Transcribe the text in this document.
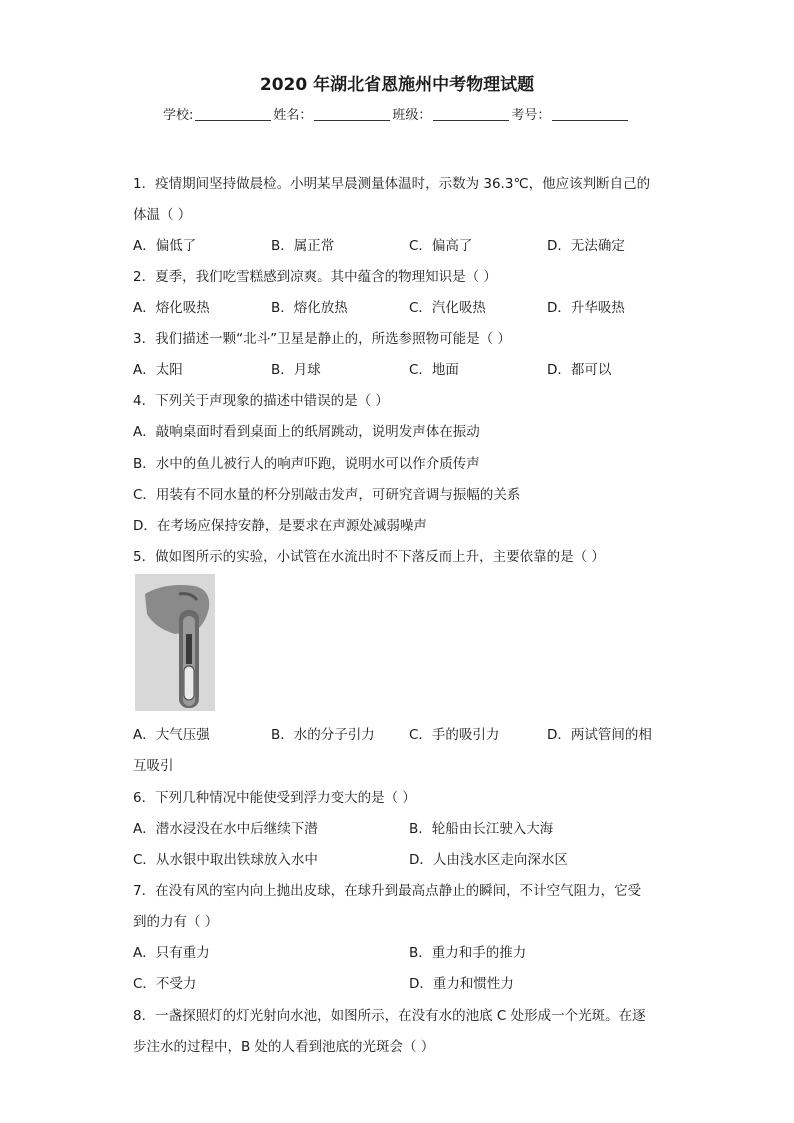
2020 年湖北省恩施州中考物理试题
学校:	姓名：	班级：	考号：
1．疫情期间坚持做晨检。小明某早晨测量体温时，示数为 36.3℃，他应该判断自己的
体温（ ）
A．偏低了	B．属正常	C．偏高了	D．无法确定
2．夏季，我们吃雪糕感到凉爽。其中蕴含的物理知识是（ ）
A．熔化吸热	B．熔化放热	C．汽化吸热	D．升华吸热
3．我们描述一颗“北斗”卫星是静止的，所选参照物可能是（ ）
A．太阳	B．月球	C．地面	D．都可以
4．下列关于声现象的描述中错误的是（ ）
A．敲响桌面时看到桌面上的纸屑跳动，说明发声体在振动
B．水中的鱼儿被行人的响声吓跑，说明水可以作介质传声
C．用装有不同水量的杯分别敲击发声，可研究音调与振幅的关系
D．在考场应保持安静，是要求在声源处减弱噪声
5．做如图所示的实验，小试管在水流出时不下落反而上升，主要依靠的是（ ）
A．大气压强	B．水的分子引力	C．手的吸引力	D．两试管间的相
互吸引
6．下列几种情况中能使受到浮力变大的是（ ）
A．潜水浸没在水中后继续下潜	B．轮船由长江驶入大海
C．从水银中取出铁球放入水中	D．人由浅水区走向深水区
7．在没有风的室内向上抛出皮球，在球升到最高点静止的瞬间，不计空气阻力，它受
到的力有（ ）
A．只有重力	B．重力和手的推力
C．不受力	D．重力和惯性力
8．一盏探照灯的灯光射向水池，如图所示，在没有水的池底 C 处形成一个光斑。在逐
步注水的过程中，B 处的人看到池底的光斑会（ ）
